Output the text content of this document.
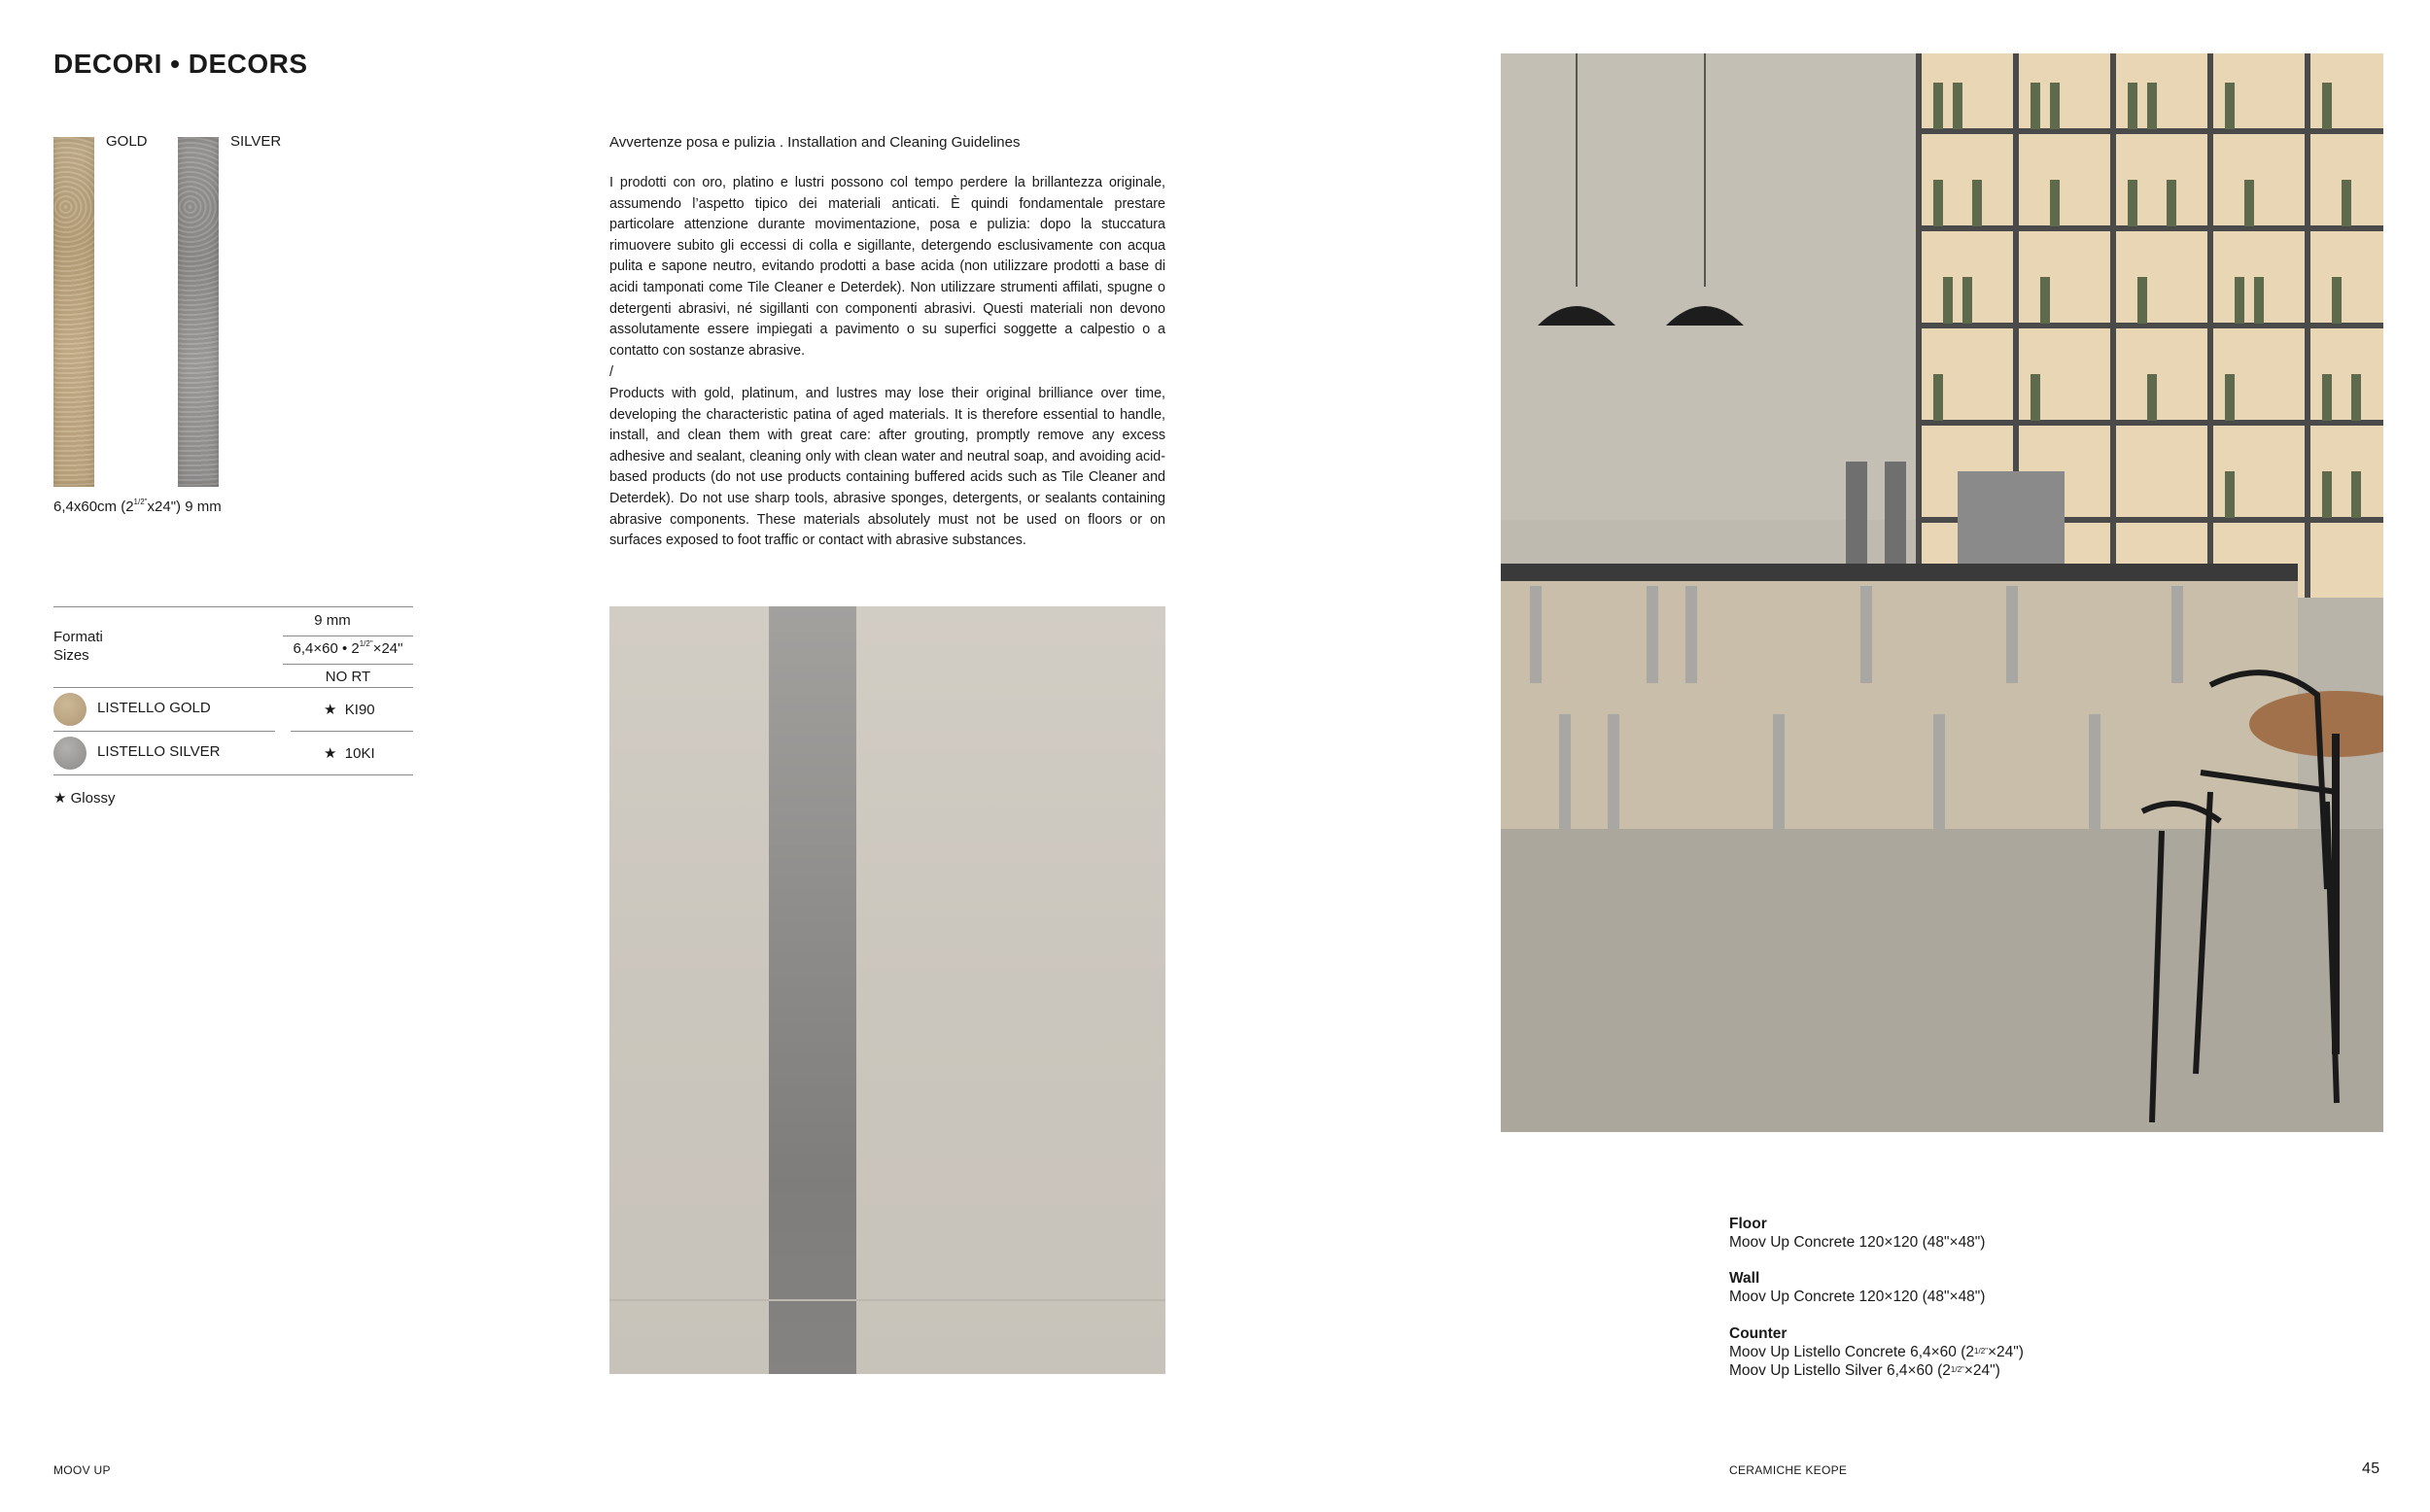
DECORI • DECORS
GOLD	SILVER
6,4x60cm $(2^{1/2"}x24")$ 9 mm
Avvertenze posa e pulizia . Installation and Cleaning Guidelines
I prodotti con oro, platino e lustri possono col tempo perdere la brillantezza originale, assumendo l’aspetto tipico dei materiali anticati. È quindi fondamentale prestare particolare attenzione durante movimentazione, posa e pulizia: dopo la stuccatura rimuovere subito gli eccessi di colla e sigillante, detergendo esclusivamente con acqua pulita e sapone neutro, evitando prodotti a base acida (non utilizzare prodotti a base di acidi tamponati come Tile Cleaner e Deterdek). Non utilizzare strumenti affilati, spugne o detergenti abrasivi, né sigillanti con componenti abrasivi. Questi materiali non devono assolutamente essere impiegati a pavimento o su superfici soggette a calpestio o a contatto con sostanze abrasive.
/
Products with gold, platinum, and lustres may lose their original brilliance over time, developing the characteristic patina of aged materials. It is therefore essential to handle, install, and clean them with great care: after grouting, promptly remove any excess adhesive and sealant, cleaning only with clean water and neutral soap, and avoiding acid-based products (do not use products containing buffered acids such as Tile Cleaner and Deterdek). Do not use sharp tools, abrasive sponges, detergents, or sealants containing abrasive components. These materials absolutely must not be used on floors or on surfaces exposed to foot traffic or contact with abrasive substances.
9 mm
6,4×60 • $2^{1/2"}\times 24$"
NO RT
Formati
Sizes
LISTELLO GOLD	★ KI90
LISTELLO SILVER	★ 10KI
★ Glossy
Floor
Moov Up Concrete 120×120 (48"×48")
Wall
Moov Up Concrete 120×120 (48"×48")
Counter
Moov Up Listello Concrete 6,4×60 $(2^{1/2"}\times 24")$
Moov Up Listello Silver 6,4×60 $(2^{1/2"}\times 24")$
MOOV UP	CERAMICHE KEOPE	45
